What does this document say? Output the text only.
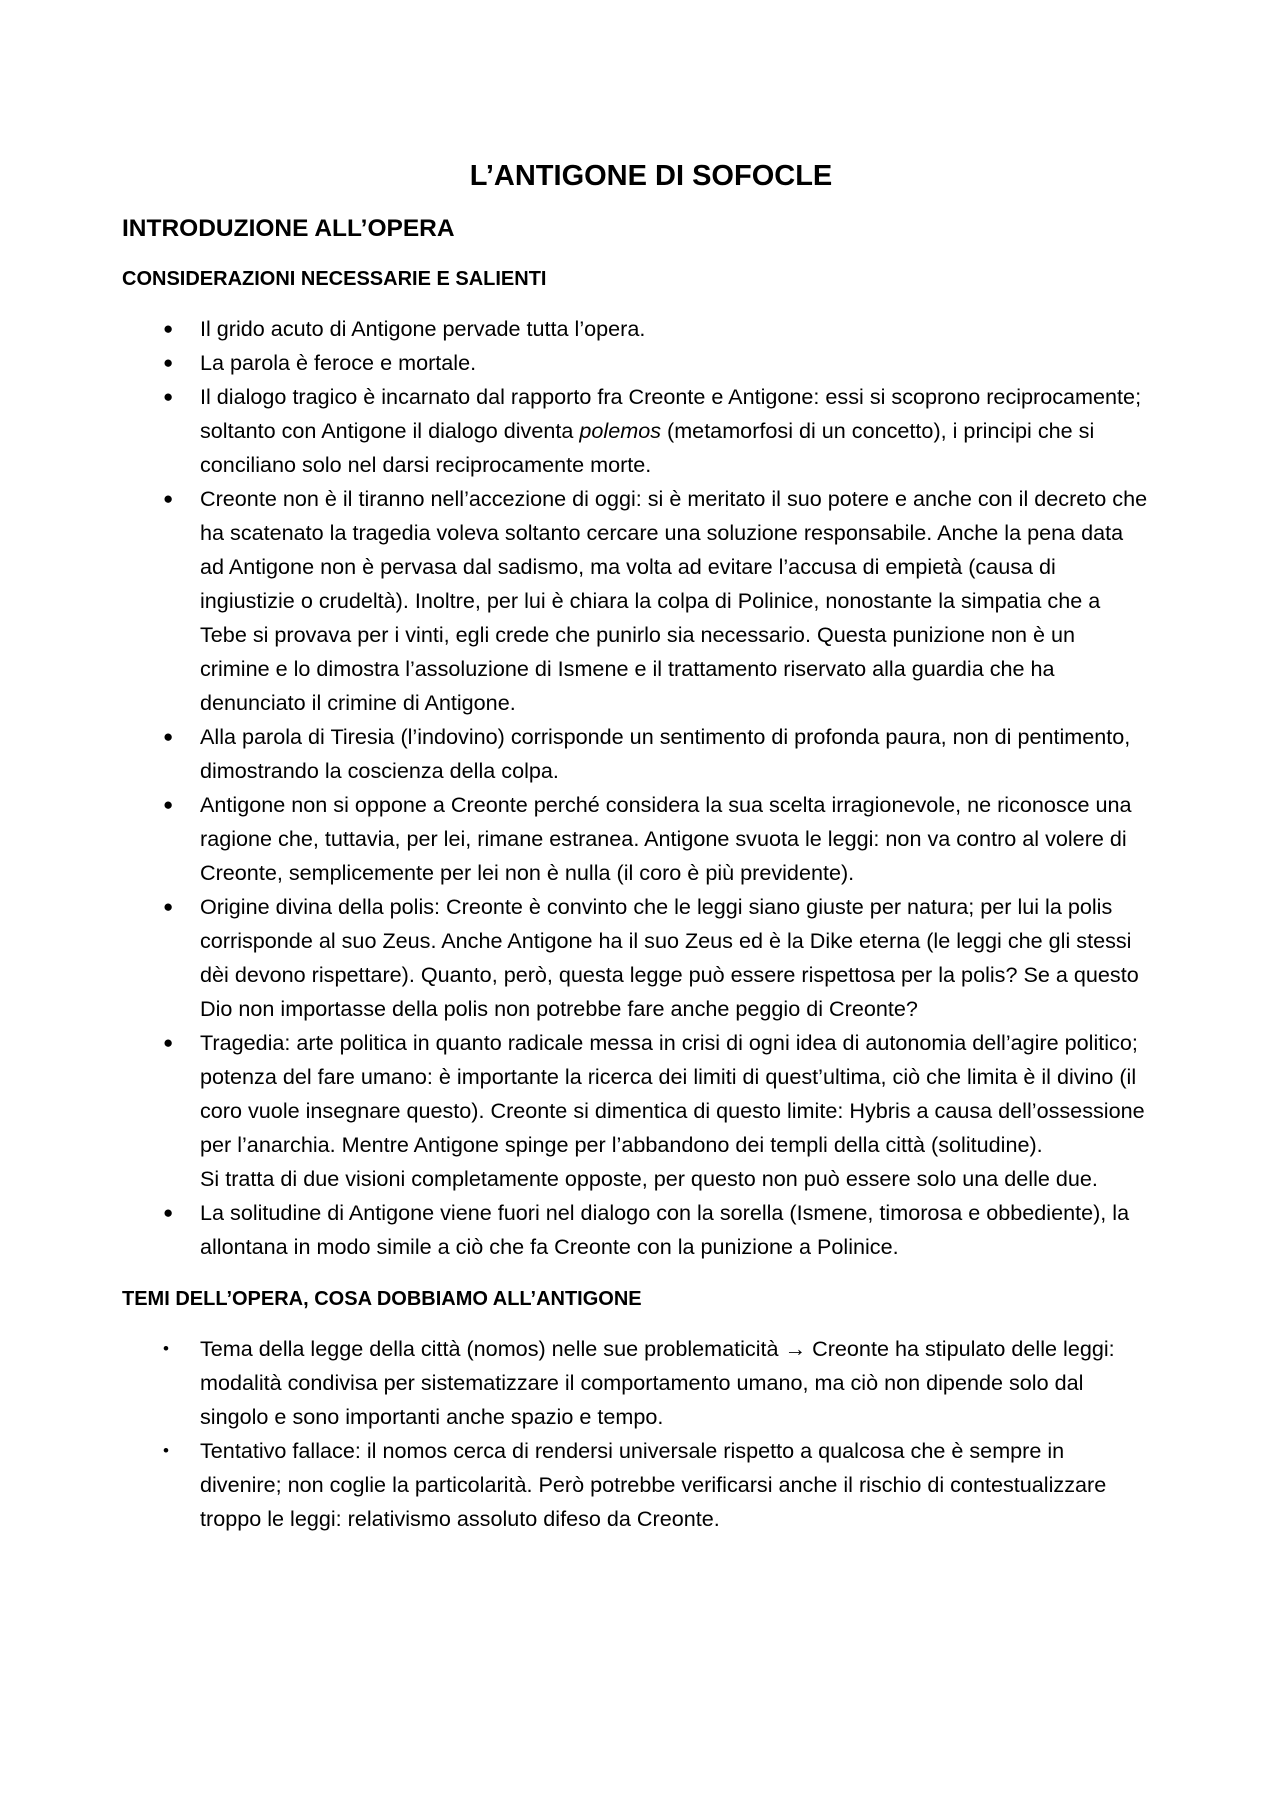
L’ANTIGONE DI SOFOCLE
INTRODUZIONE ALL’OPERA
CONSIDERAZIONI NECESSARIE E SALIENTI
● Il grido acuto di Antigone pervade tutta l’opera.
● La parola è feroce e mortale.
● Il dialogo tragico è incarnato dal rapporto fra Creonte e Antigone: essi si scoprono reciprocamente; soltanto con Antigone il dialogo diventa polemos (metamorfosi di un concetto), i principi che si conciliano solo nel darsi reciprocamente morte.
● Creonte non è il tiranno nell’accezione di oggi: si è meritato il suo potere e anche con il decreto che ha scatenato la tragedia voleva soltanto cercare una soluzione responsabile. Anche la pena data ad Antigone non è pervasa dal sadismo, ma volta ad evitare l’accusa di empietà (causa di ingiustizie o crudeltà). Inoltre, per lui è chiara la colpa di Polinice, nonostante la simpatia che a Tebe si provava per i vinti, egli crede che punirlo sia necessario. Questa punizione non è un crimine e lo dimostra l’assoluzione di Ismene e il trattamento riservato alla guardia che ha denunciato il crimine di Antigone.
● Alla parola di Tiresia (l’indovino) corrisponde un sentimento di profonda paura, non di pentimento, dimostrando la coscienza della colpa.
● Antigone non si oppone a Creonte perché considera la sua scelta irragionevole, ne riconosce una ragione che, tuttavia, per lei, rimane estranea. Antigone svuota le leggi: non va contro al volere di Creonte, semplicemente per lei non è nulla (il coro è più previdente).
● Origine divina della polis: Creonte è convinto che le leggi siano giuste per natura; per lui la polis corrisponde al suo Zeus. Anche Antigone ha il suo Zeus ed è la Dike eterna (le leggi che gli stessi dèi devono rispettare). Quanto, però, questa legge può essere rispettosa per la polis? Se a questo Dio non importasse della polis non potrebbe fare anche peggio di Creonte?
● Tragedia: arte politica in quanto radicale messa in crisi di ogni idea di autonomia dell’agire politico; potenza del fare umano: è importante la ricerca dei limiti di quest’ultima, ciò che limita è il divino (il coro vuole insegnare questo). Creonte si dimentica di questo limite: Hybris a causa dell’ossessione per l’anarchia. Mentre Antigone spinge per l’abbandono dei templi della città (solitudine).
Si tratta di due visioni completamente opposte, per questo non può essere solo una delle due.
● La solitudine di Antigone viene fuori nel dialogo con la sorella (Ismene, timorosa e obbediente), la allontana in modo simile a ciò che fa Creonte con la punizione a Polinice.
TEMI DELL’OPERA, COSA DOBBIAMO ALL’ANTIGONE
• Tema della legge della città (nomos) nelle sue problematicità → Creonte ha stipulato delle leggi: modalità condivisa per sistematizzare il comportamento umano, ma ciò non dipende solo dal singolo e sono importanti anche spazio e tempo.
• Tentativo fallace: il nomos cerca di rendersi universale rispetto a qualcosa che è sempre in divenire; non coglie la particolarità. Però potrebbe verificarsi anche il rischio di contestualizzare troppo le leggi: relativismo assoluto difeso da Creonte.
